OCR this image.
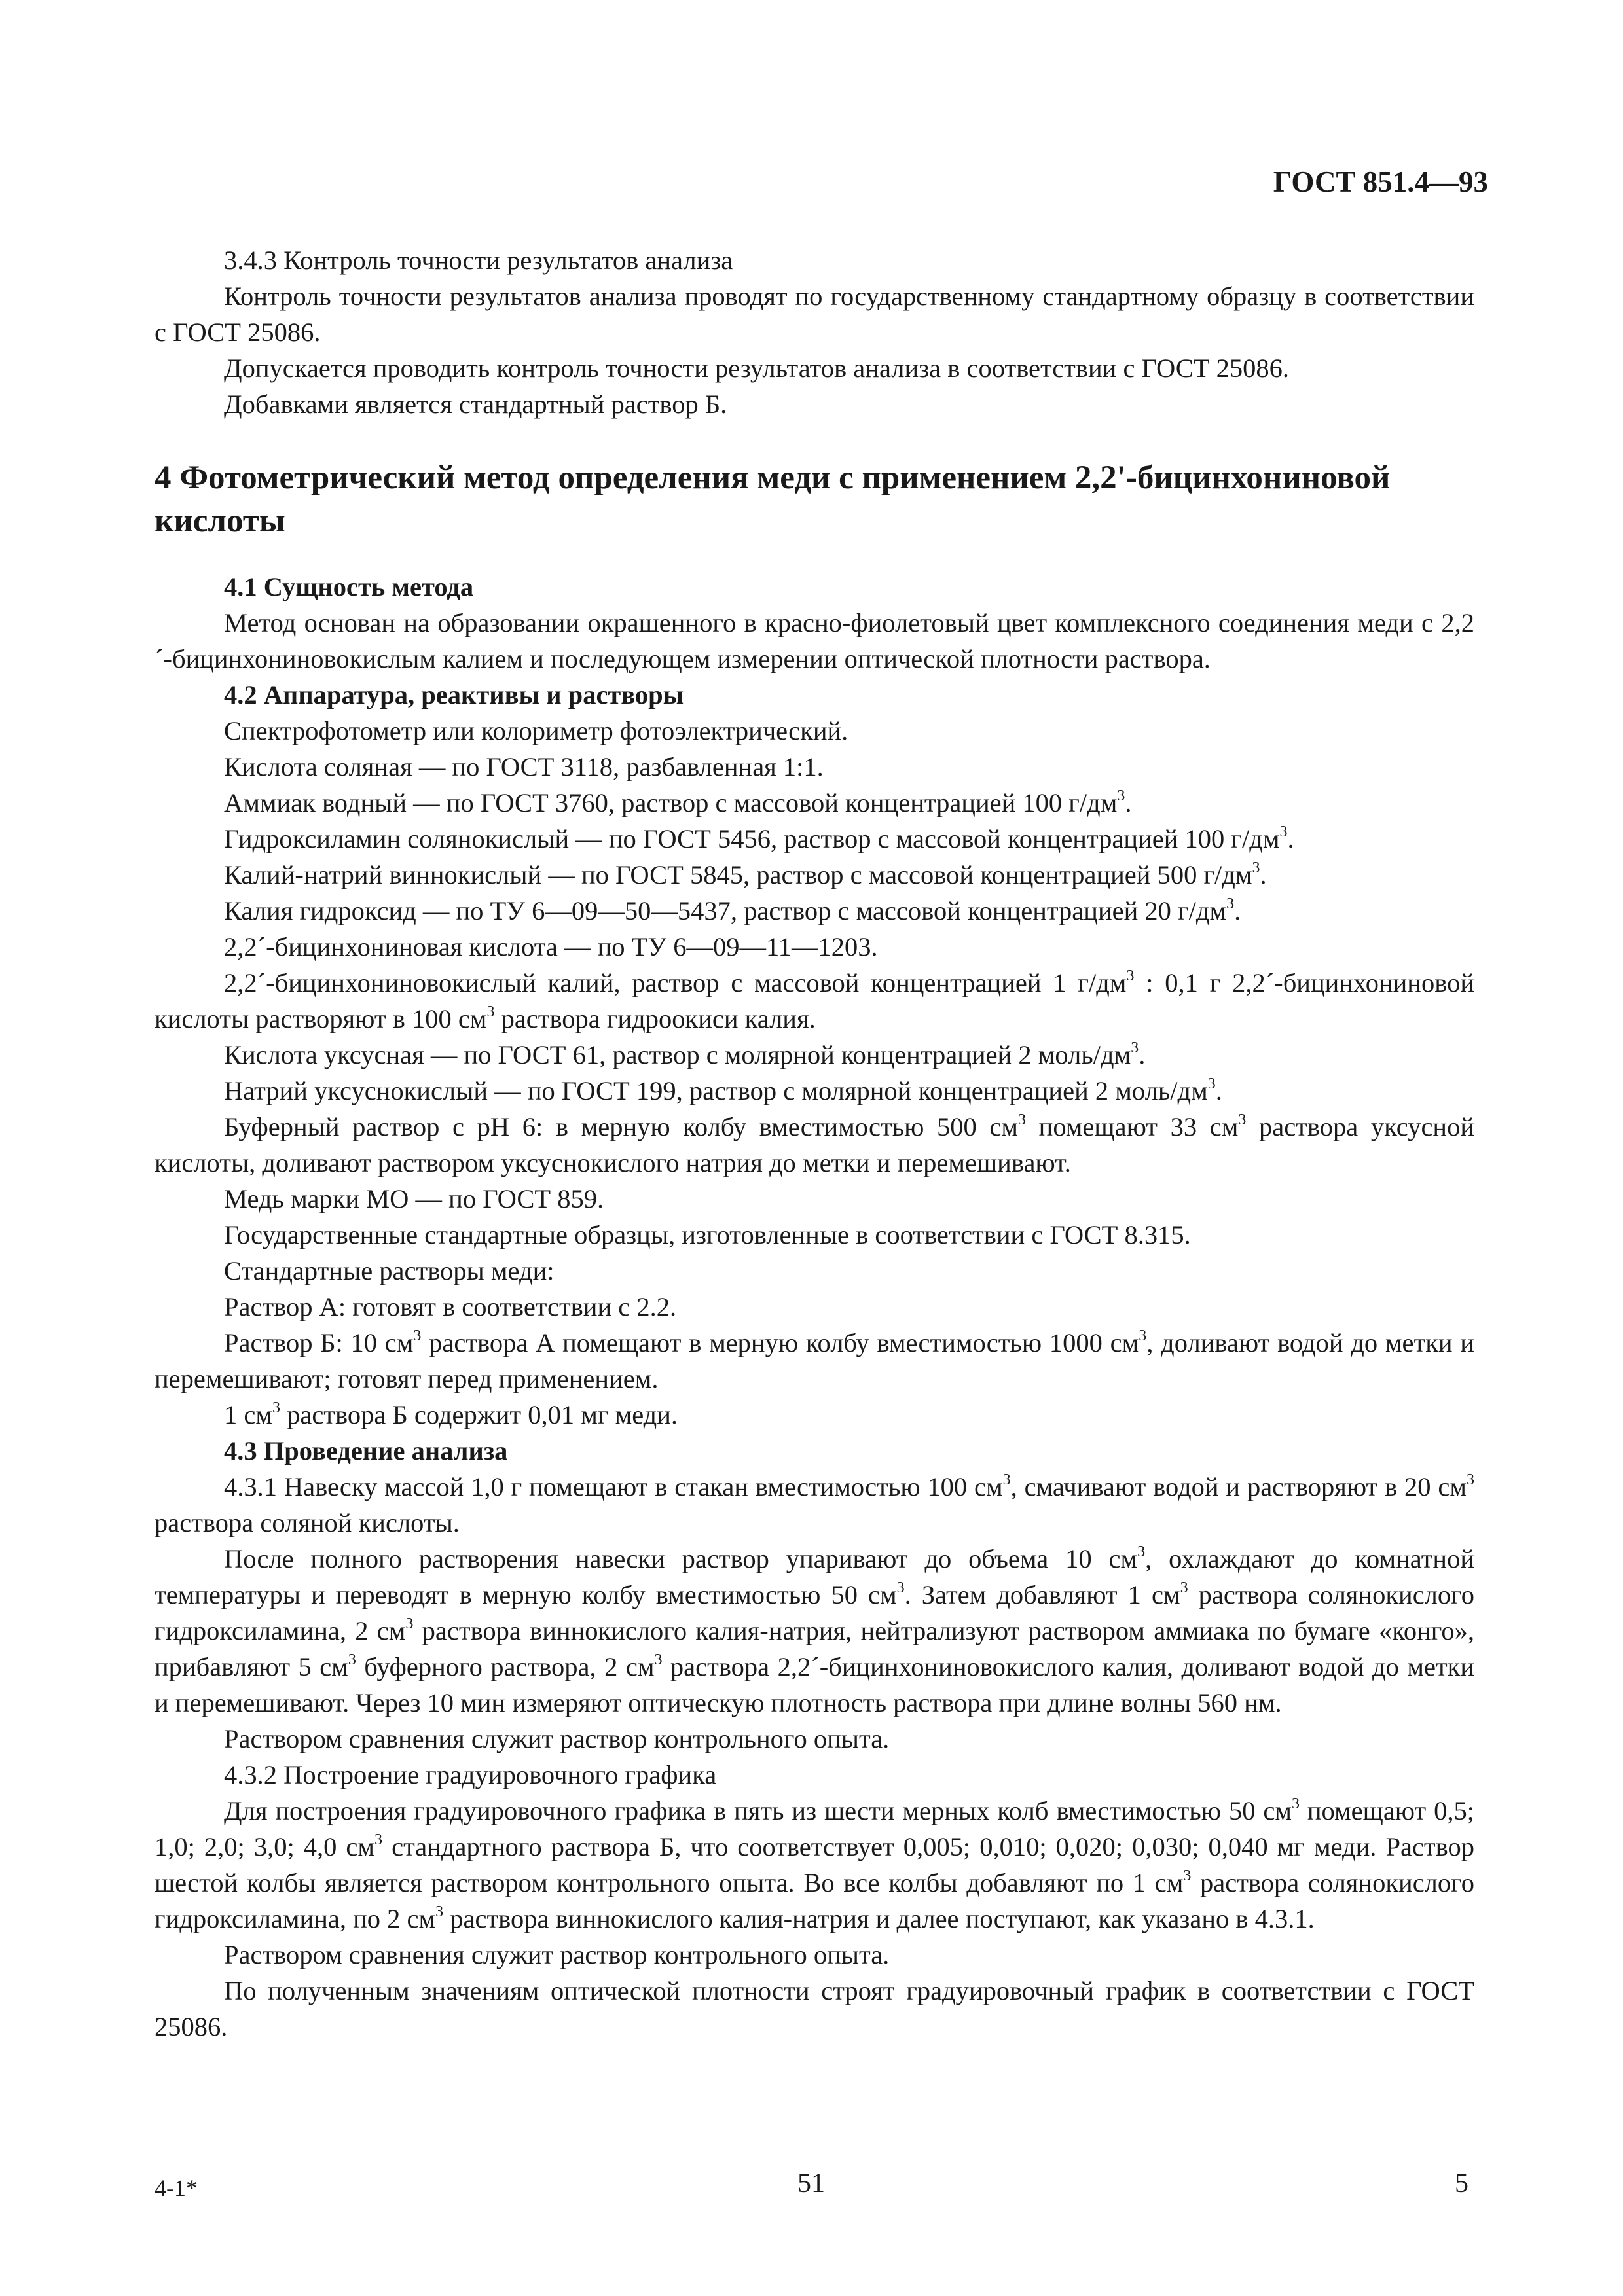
ГОСТ 851.4—93

3.4.3 Контроль точности результатов анализа

Контроль точности результатов анализа проводят по государственному стандартному образцу в соответствии с ГОСТ 25086.

Допускается проводить контроль точности результатов анализа в соответствии с ГОСТ 25086.

Добавками является стандартный раствор Б.

4 Фотометрический метод определения меди с применением 2,2'-бицинхониновой кислоты

4.1 Сущность метода

Метод основан на образовании окрашенного в красно-фиолетовый цвет комплексного соединения меди с 2,2´-бицинхониновокислым калием и последующем измерении оптической плотности раствора.

4.2 Аппаратура, реактивы и растворы

Спектрофотометр или колориметр фотоэлектрический.

Кислота соляная — по ГОСТ 3118, разбавленная 1:1.

Аммиак водный — по ГОСТ 3760, раствор с массовой концентрацией 100 $г/дм^3$.

Гидроксиламин солянокислый — по ГОСТ 5456, раствор с массовой концентрацией 100 $г/дм^3$.

Калий-натрий виннокислый — по ГОСТ 5845, раствор с массовой концентрацией 500 $г/дм^3$.

Калия гидроксид — по ТУ 6—09—50—5437, раствор с массовой концентрацией 20 $г/дм^3$.

2,2´-бицинхониновая кислота — по ТУ 6—09—11—1203.

2,2´-бицинхониновокислый калий, раствор с массовой концентрацией 1 $г/дм^3$ : 0,1 г 2,2´-бицинхониновой кислоты растворяют в 100 $см^3$ раствора гидроокиси калия.

Кислота уксусная — по ГОСТ 61, раствор с молярной концентрацией 2 моль/$дм^3$.

Натрий уксуснокислый — по ГОСТ 199, раствор с молярной концентрацией 2 моль/$дм^3$.

Буферный раствор с рН 6: в мерную колбу вместимостью 500 $см^3$ помещают 33 $см^3$ раствора уксусной кислоты, доливают раствором уксуснокислого натрия до метки и перемешивают.

Медь марки МО — по ГОСТ 859.

Государственные стандартные образцы, изготовленные в соответствии с ГОСТ 8.315.

Стандартные растворы меди:

Раствор А: готовят в соответствии с 2.2.

Раствор Б: 10 $см^3$ раствора А помещают в мерную колбу вместимостью 1000 $см^3$, доливают водой до метки и перемешивают; готовят перед применением.

1 $см^3$ раствора Б содержит 0,01 мг меди.

4.3 Проведение анализа

4.3.1 Навеску массой 1,0 г помещают в стакан вместимостью 100 $см^3$, смачивают водой и растворяют в 20 $см^3$ раствора соляной кислоты.

После полного растворения навески раствор упаривают до объема 10 $см^3$, охлаждают до комнатной температуры и переводят в мерную колбу вместимостью 50 $см^3$. Затем добавляют 1 $см^3$ раствора солянокислого гидроксиламина, 2 $см^3$ раствора виннокислого калия-натрия, нейтрализуют раствором аммиака по бумаге «конго», прибавляют 5 $см^3$ буферного раствора, 2 $см^3$ раствора 2,2´-бицинхониновокислого калия, доливают водой до метки и перемешивают. Через 10 мин измеряют оптическую плотность раствора при длине волны 560 нм.

Раствором сравнения служит раствор контрольного опыта.

4.3.2 Построение градуировочного графика

Для построения градуировочного графика в пять из шести мерных колб вместимостью 50 $см^3$ помещают 0,5; 1,0; 2,0; 3,0; 4,0 $см^3$ стандартного раствора Б, что соответствует 0,005; 0,010; 0,020; 0,030; 0,040 мг меди. Раствор шестой колбы является раствором контрольного опыта. Во все колбы добавляют по 1 $см^3$ раствора солянокислого гидроксиламина, по 2 $см^3$ раствора виннокислого калия-натрия и далее поступают, как указано в 4.3.1.

Раствором сравнения служит раствор контрольного опыта.

По полученным значениям оптической плотности строят градуировочный график в соответствии с ГОСТ 25086.

4-1*	51	5
